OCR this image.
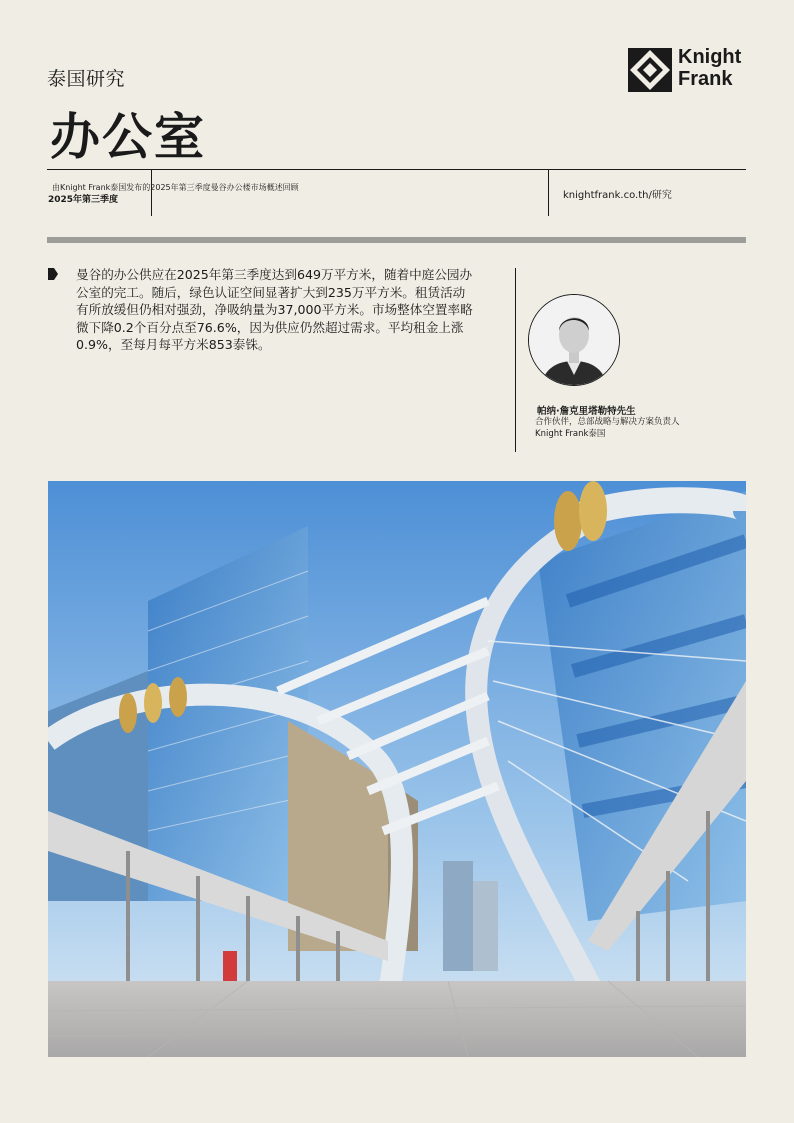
泰国研究
办公室
Knight
Frank
由Knight Frank泰国发布的2025年第三季度曼谷办公楼市场概述回顾
2025年第三季度	knightfrank.co.th/研究
曼谷的办公供应在2025年第三季度达到649万平方米，随着中庭公园办公室的完工。随后，绿色认证空间显著扩大到235万平方米。租赁活动有所放缓但仍相对强劲，净吸纳量为37,000平方米。市场整体空置率略微下降0.2个百分点至76.6%，因为供应仍然超过需求。平均租金上涨0.9%，至每月每平方米853泰铢。
帕纳·詹克里塔勒特先生
合作伙伴，总部战略与解决方案负责人 Knight Frank泰国
